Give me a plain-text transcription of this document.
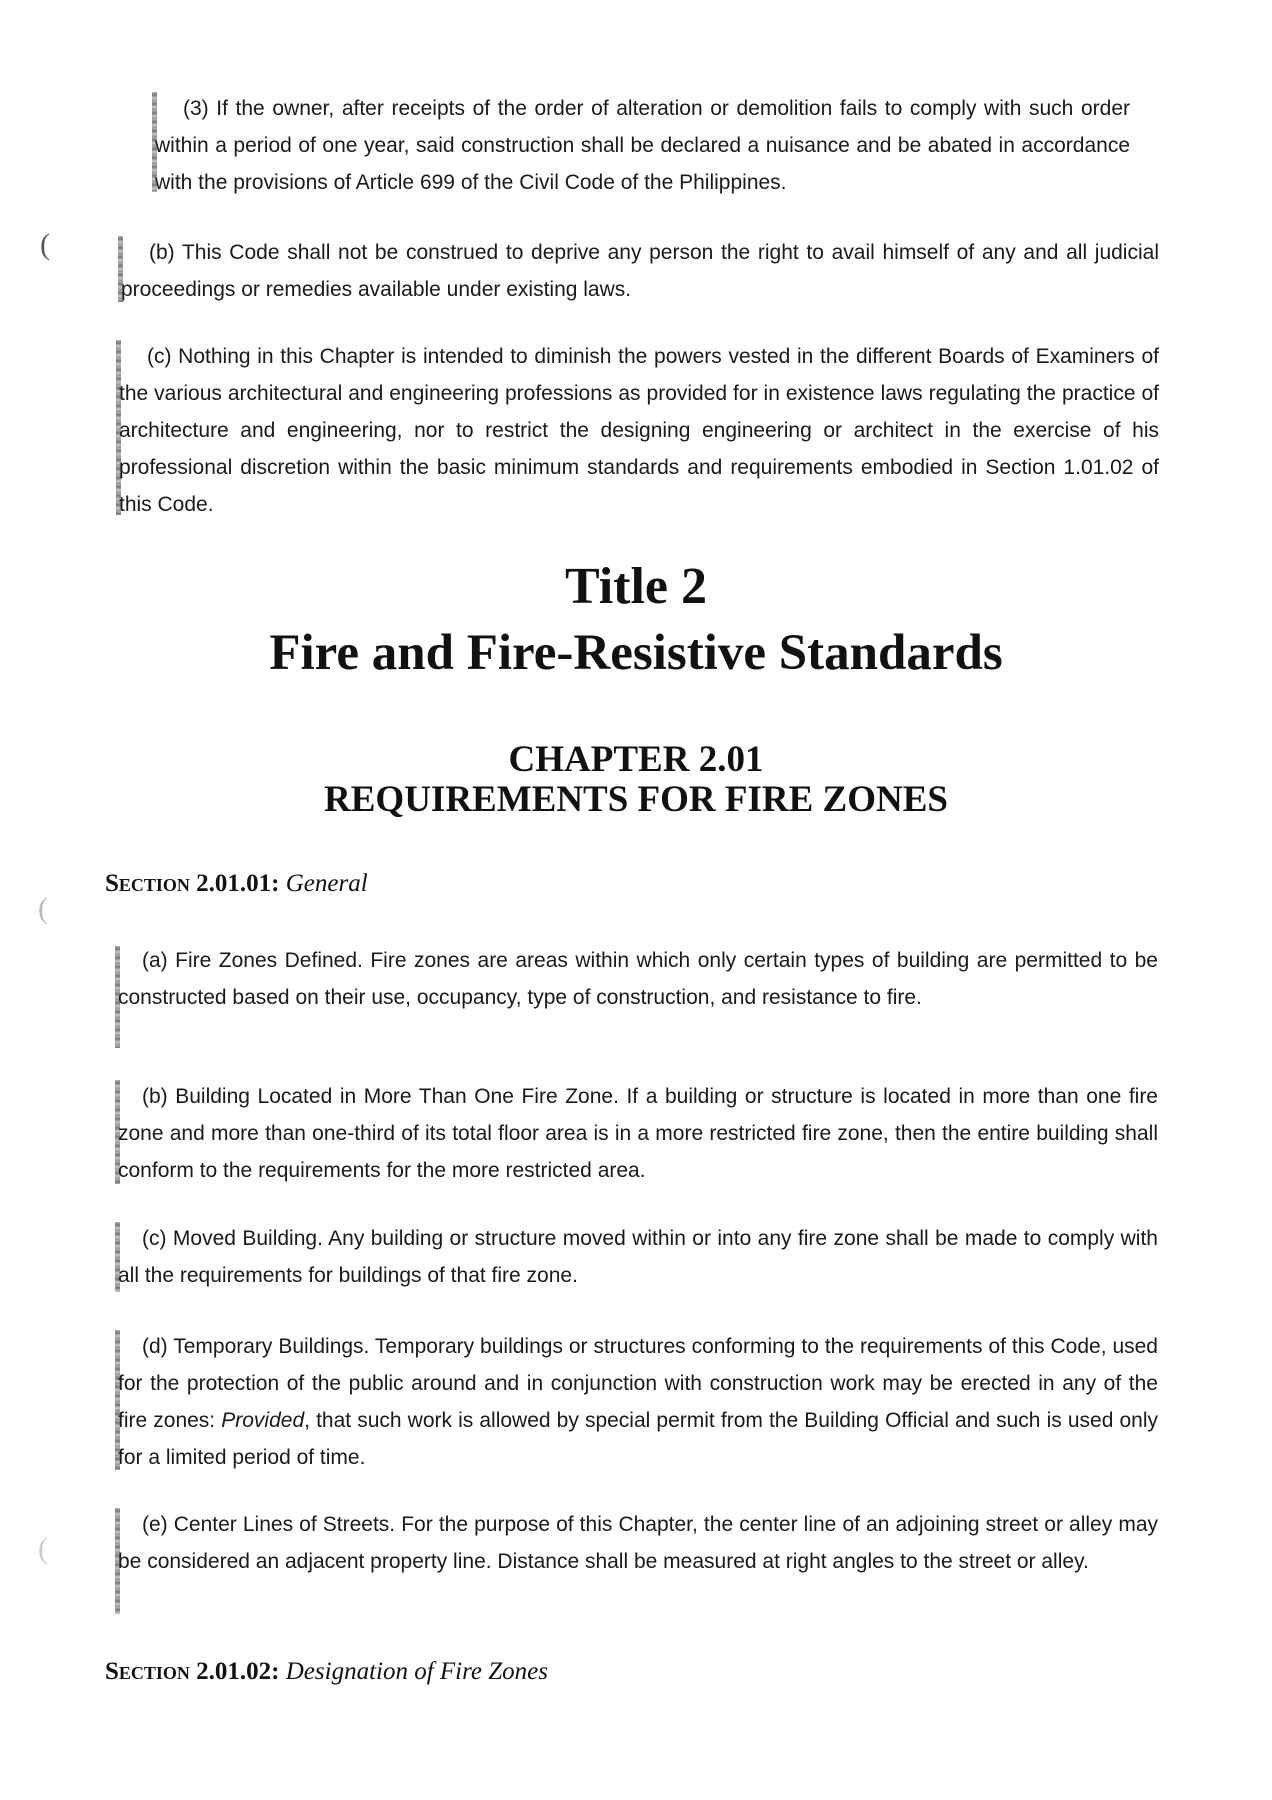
(
(
(
(3) If the owner, after receipts of the order of alteration or demolition fails to comply with such order within a period of one year, said construction shall be declared a nuisance and be abated in accordance with the provisions of Article 699 of the Civil Code of the Philippines.
(b) This Code shall not be construed to deprive any person the right to avail himself of any and all judicial proceedings or remedies available under existing laws.
(c) Nothing in this Chapter is intended to diminish the powers vested in the different Boards of Examiners of the various architectural and engineering professions as provided for in existence laws regulating the practice of architecture and engineering, nor to restrict the designing engineering or architect in the exercise of his professional discretion within the basic minimum standards and requirements embodied in Section 1.01.02 of this Code.
Title 2
Fire and Fire-Resistive Standards
CHAPTER 2.01
REQUIREMENTS FOR FIRE ZONES
Section 2.01.01: General
(a) Fire Zones Defined. Fire zones are areas within which only certain types of building are permitted to be constructed based on their use, occupancy, type of construction, and resistance to fire.
(b) Building Located in More Than One Fire Zone. If a building or structure is located in more than one fire zone and more than one-third of its total floor area is in a more restricted fire zone, then the entire building shall conform to the requirements for the more restricted area.
(c) Moved Building. Any building or structure moved within or into any fire zone shall be made to comply with all the requirements for buildings of that fire zone.
(d) Temporary Buildings. Temporary buildings or structures conforming to the requirements of this Code, used for the protection of the public around and in conjunction with construction work may be erected in any of the fire zones: Provided, that such work is allowed by special permit from the Building Official and such is used only for a limited period of time.
(e) Center Lines of Streets. For the purpose of this Chapter, the center line of an adjoining street or alley may be considered an adjacent property line. Distance shall be measured at right angles to the street or alley.
Section 2.01.02: Designation of Fire Zones
